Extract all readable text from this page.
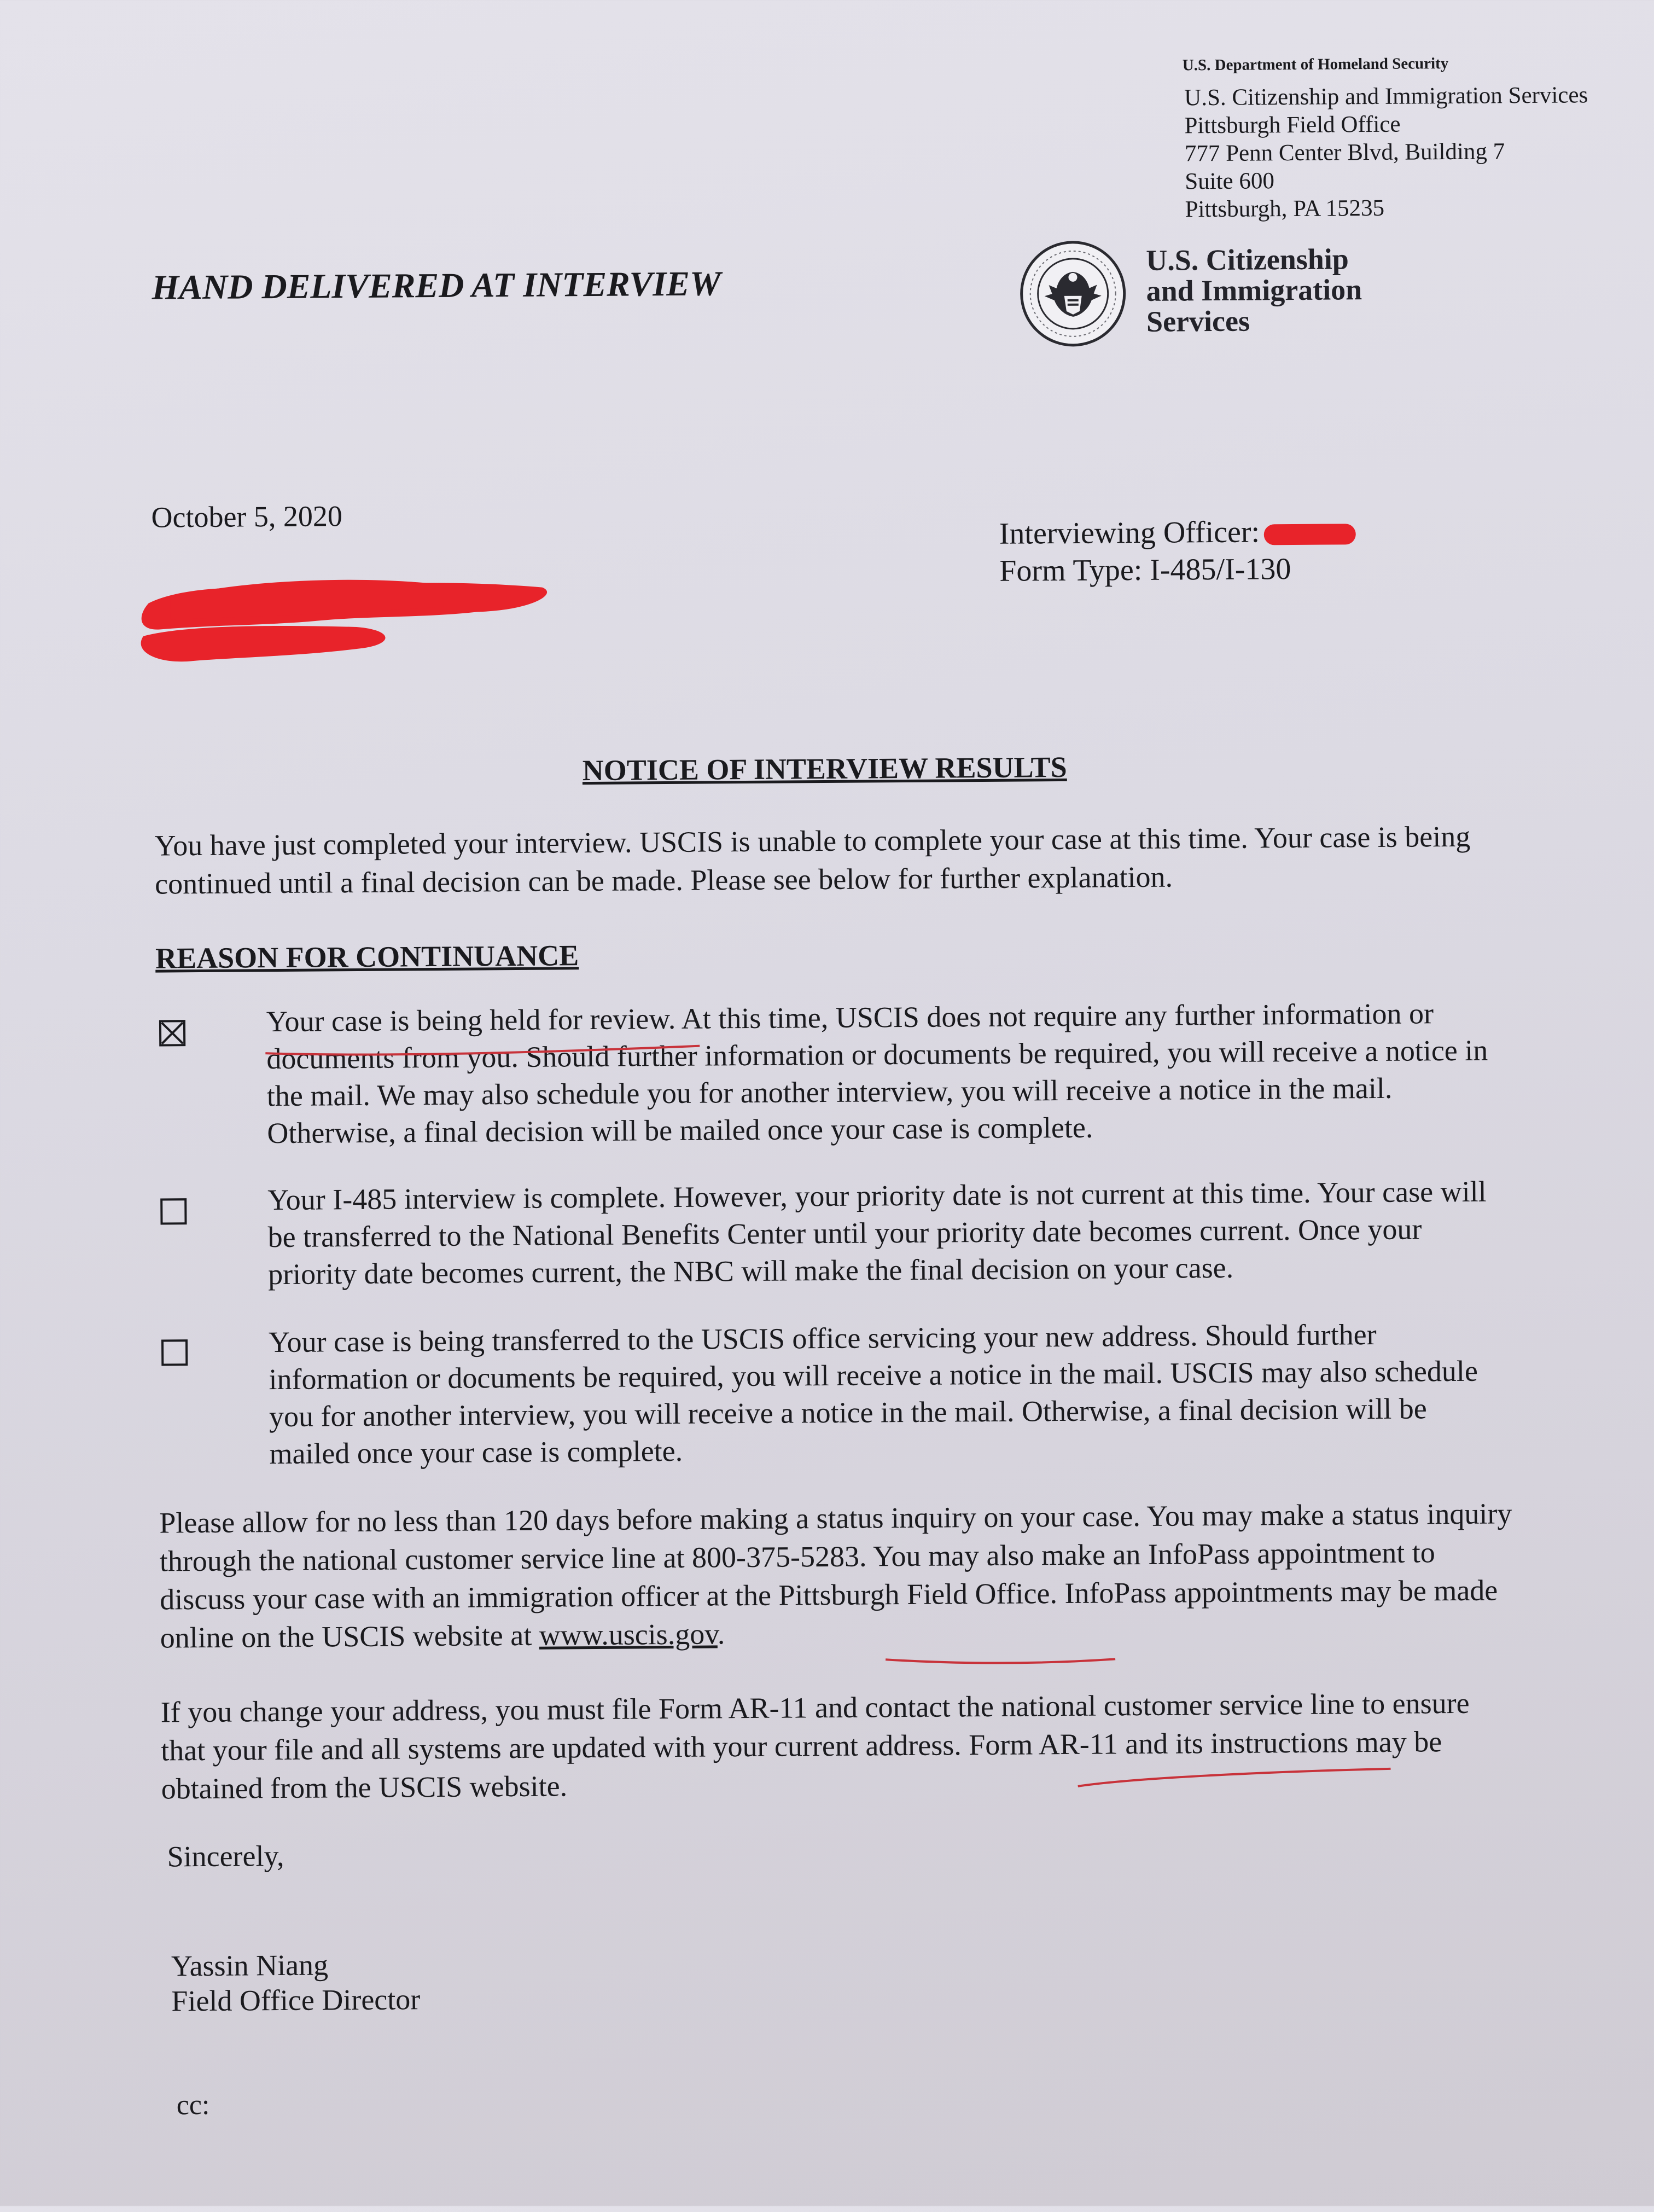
U.S. Department of Homeland Security
U.S. Citizenship and Immigration Services
Pittsburgh Field Office
777 Penn Center Blvd, Building 7
Suite 600
Pittsburgh, PA 15235
HAND DELIVERED AT INTERVIEW
U.S. Citizenship
and Immigration
Services
October 5, 2020	Interviewing Officer:
Form Type: I-485/I-130
NOTICE OF INTERVIEW RESULTS
You have just completed your interview. USCIS is unable to complete your case at this time. Your case is being continued until a final decision can be made. Please see below for further explanation.
REASON FOR CONTINUANCE
Your case is being held for review. At this time, USCIS does not require any further information or documents from you. Should further information or documents be required, you will receive a notice in the mail. We may also schedule you for another interview, you will receive a notice in the mail. Otherwise, a final decision will be mailed once your case is complete.
Your I-485 interview is complete. However, your priority date is not current at this time. Your case will be transferred to the National Benefits Center until your priority date becomes current. Once your priority date becomes current, the NBC will make the final decision on your case.
Your case is being transferred to the USCIS office servicing your new address. Should further information or documents be required, you will receive a notice in the mail. USCIS may also schedule you for another interview, you will receive a notice in the mail. Otherwise, a final decision will be mailed once your case is complete.
Please allow for no less than 120 days before making a status inquiry on your case. You may make a status inquiry through the national customer service line at 800-375-5283. You may also make an InfoPass appointment to discuss your case with an immigration officer at the Pittsburgh Field Office. InfoPass appointments may be made online on the USCIS website at www.uscis.gov.
If you change your address, you must file Form AR-11 and contact the national customer service line to ensure that your file and all systems are updated with your current address. Form AR-11 and its instructions may be obtained from the USCIS website.
Sincerely,
Yassin Niang
Field Office Director
cc:
